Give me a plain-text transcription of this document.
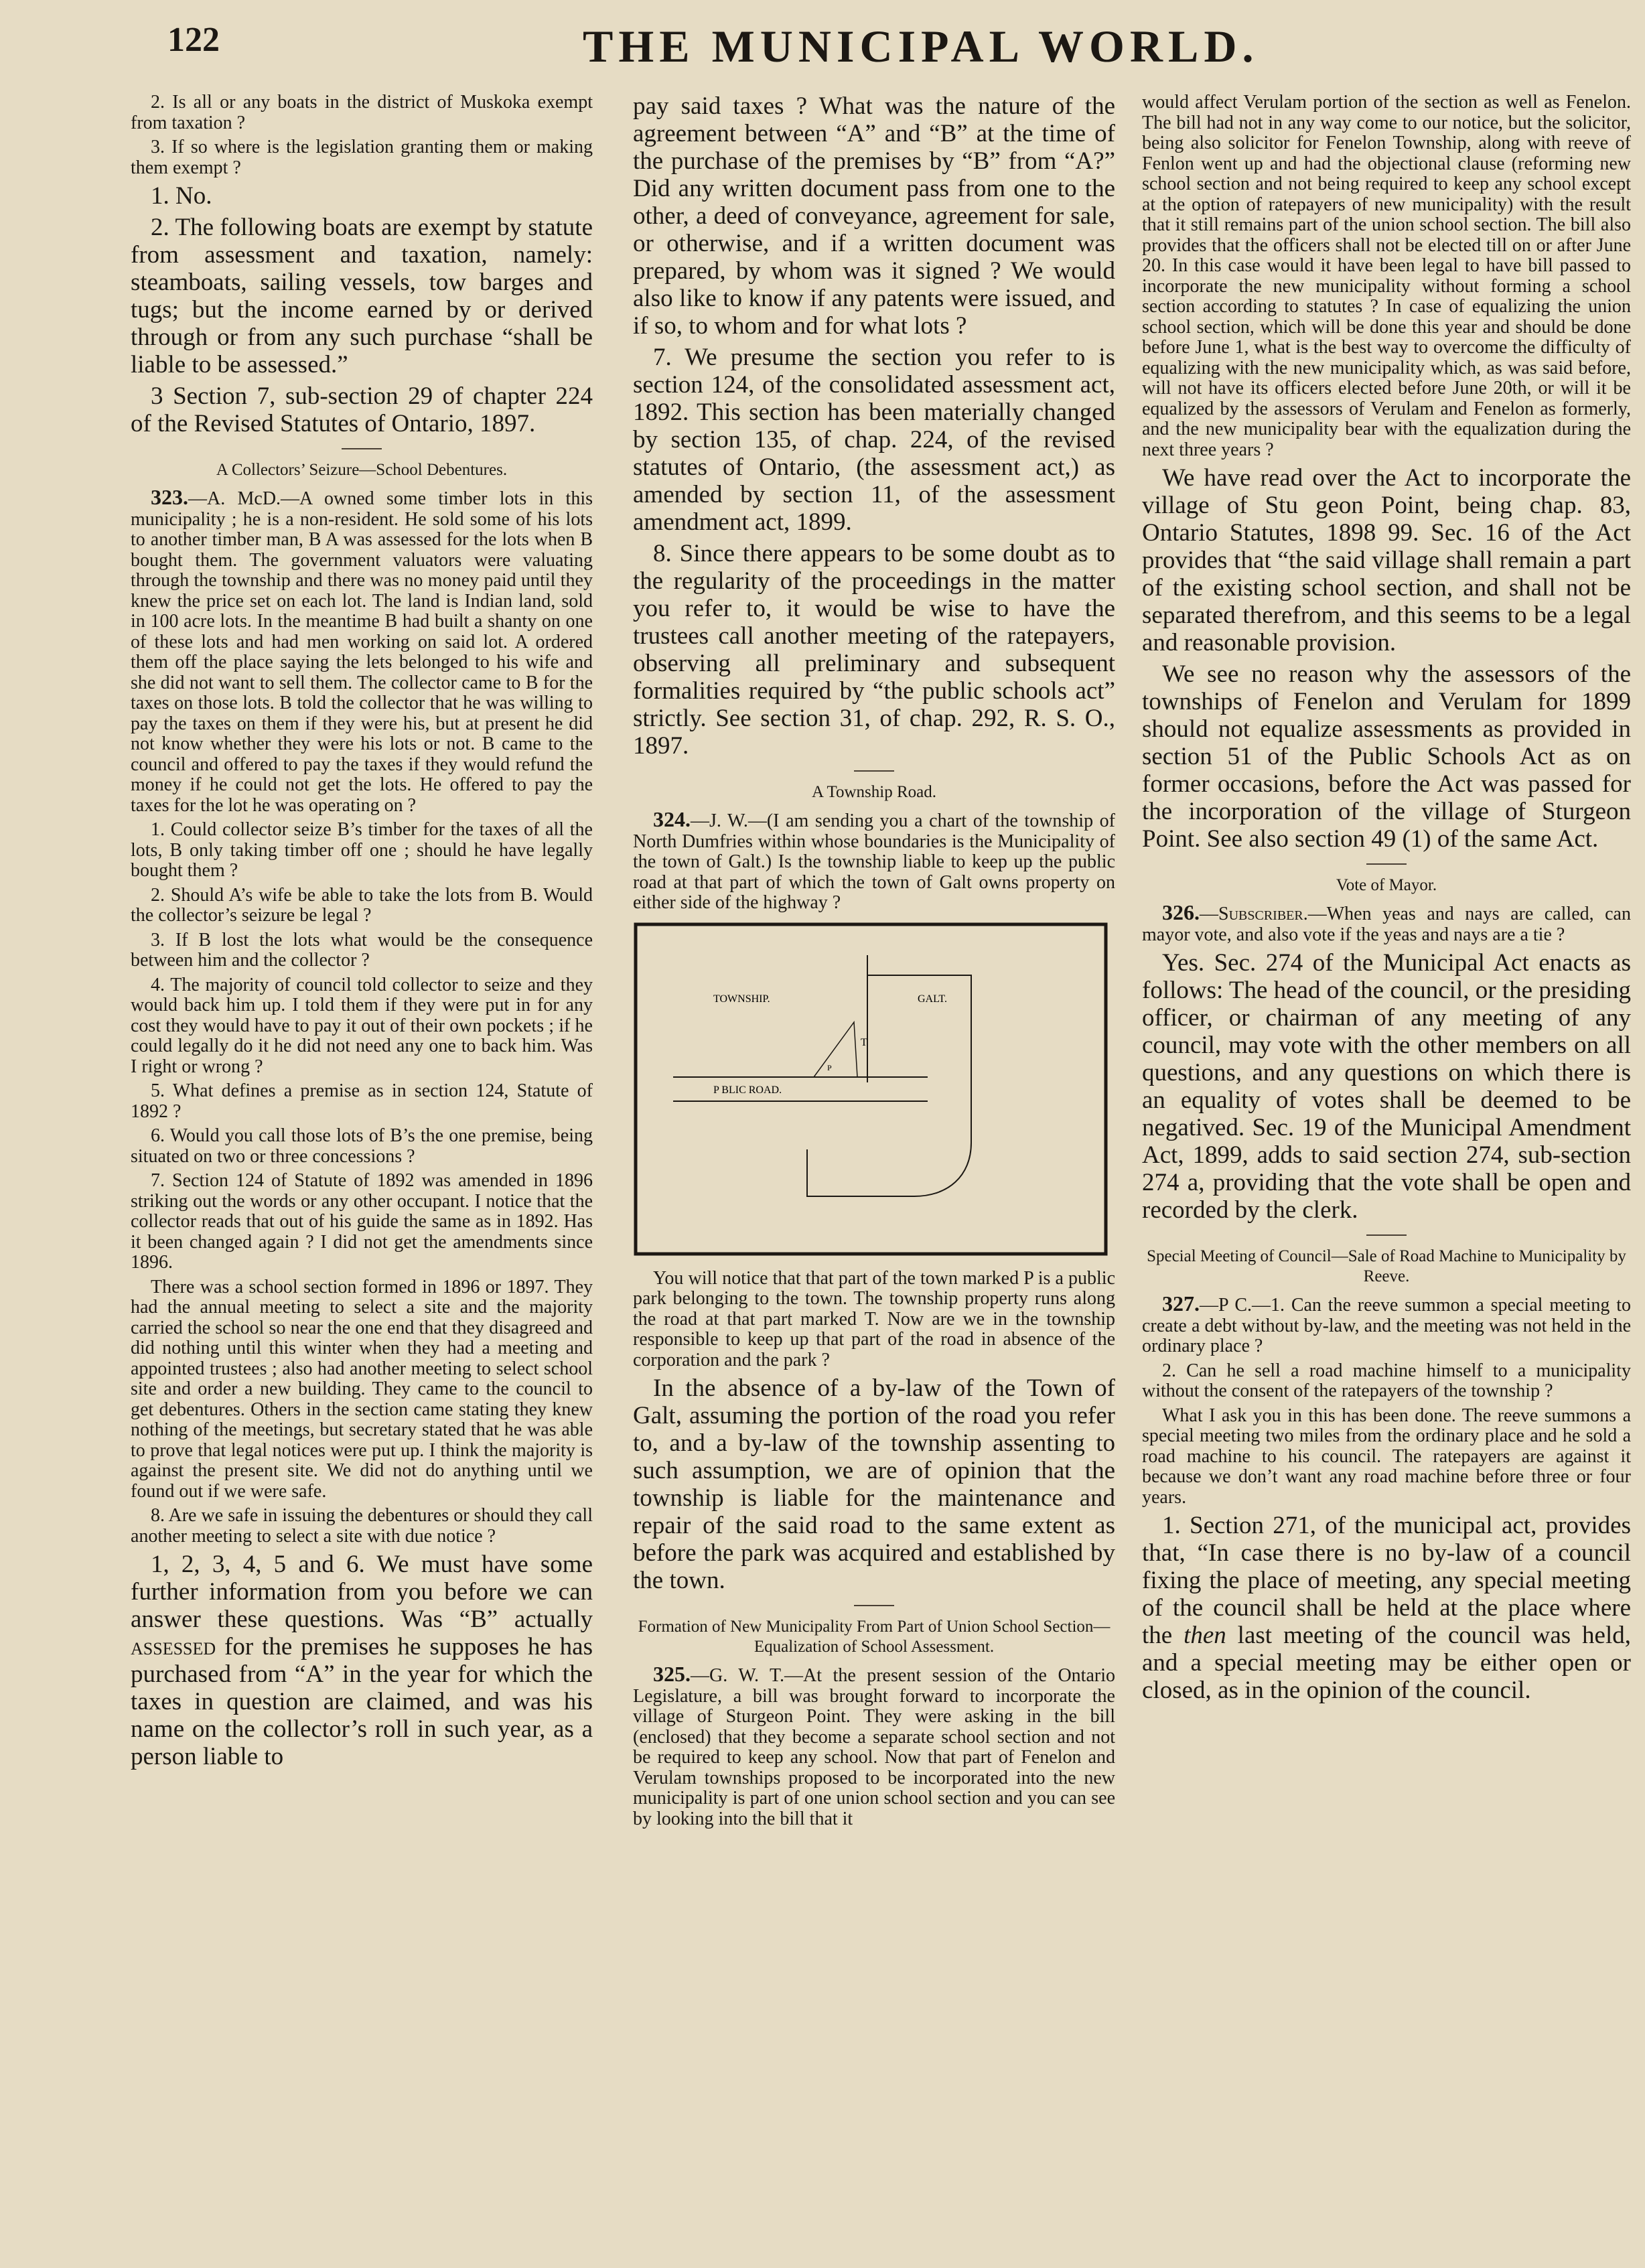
122	THE MUNICIPAL WORLD.

2. Is all or any boats in the district of Muskoka exempt from taxation ?

3. If so where is the legislation granting them or making them exempt ?

1. No.

2. The following boats are exempt by statute from assessment and taxation, namely: steamboats, sailing vessels, tow barges and tugs; but the income earned by or derived through or from any such purchase “shall be liable to be assessed.”

3 Section 7, sub-section 29 of chapter 224 of the Revised Statutes of Ontario, 1897.

A Collectors’ Seizure—School Debentures.

323.—A. McD.—A owned some timber lots in this municipality ; he is a non-resident. He sold some of his lots to another timber man, B A was assessed for the lots when B bought them. The government valuators were valuating through the township and there was no money paid until they knew the price set on each lot. The land is Indian land, sold in 100 acre lots. In the meantime B had built a shanty on one of these lots and had men working on said lot. A ordered them off the place saying the lets belonged to his wife and she did not want to sell them. The collector came to B for the taxes on those lots. B told the collector that he was willing to pay the taxes on them if they were his, but at present he did not know whether they were his lots or not. B came to the council and offered to pay the taxes if they would refund the money if he could not get the lots. He offered to pay the taxes for the lot he was operating on ?

1. Could collector seize B’s timber for the taxes of all the lots, B only taking timber off one ; should he have legally bought them ?

2. Should A’s wife be able to take the lots from B. Would the collector’s seizure be legal ?

3. If B lost the lots what would be the consequence between him and the collector ?

4. The majority of council told collector to seize and they would back him up. I told them if they were put in for any cost they would have to pay it out of their own pockets ; if he could legally do it he did not need any one to back him. Was I right or wrong ?

5. What defines a premise as in section 124, Statute of 1892 ?

6. Would you call those lots of B’s the one premise, being situated on two or three concessions ?

7. Section 124 of Statute of 1892 was amended in 1896 striking out the words or any other occupant. I notice that the collector reads that out of his guide the same as in 1892. Has it been changed again ? I did not get the amendments since 1896.

There was a school section formed in 1896 or 1897. They had the annual meeting to select a site and the majority carried the school so near the one end that they disagreed and did nothing until this winter when they had a meeting and appointed trustees ; also had another meeting to select school site and order a new building. They came to the council to get debentures. Others in the section came stating they knew nothing of the meetings, but secretary stated that he was able to prove that legal notices were put up. I think the majority is against the present site. We did not do anything until we found out if we were safe.

8. Are we safe in issuing the debentures or should they call another meeting to select a site with due notice ?

1, 2, 3, 4, 5 and 6. We must have some further information from you before we can answer these questions. Was “B” actually assessed for the premises he supposes he has purchased from “A” in the year for which the taxes in question are claimed, and was his name on the collector’s roll in such year, as a person liable to

pay said taxes ? What was the nature of the agreement between “A” and “B” at the time of the purchase of the premises by “B” from “A?” Did any written document pass from one to the other, a deed of conveyance, agreement for sale, or otherwise, and if a written document was prepared, by whom was it signed ? We would also like to know if any patents were issued, and if so, to whom and for what lots ?

7. We presume the section you refer to is section 124, of the consolidated assessment act, 1892. This section has been materially changed by section 135, of chap. 224, of the revised statutes of Ontario, (the assessment act,) as amended by section 11, of the assessment amendment act, 1899.

8. Since there appears to be some doubt as to the regularity of the proceedings in the matter you refer to, it would be wise to have the trustees call another meeting of the ratepayers, observing all preliminary and subsequent formalities required by “the public schools act” strictly. See section 31, of chap. 292, R. S. O., 1897.

A Township Road.

324.—J. W.—(I am sending you a chart of the township of North Dumfries within whose boundaries is the Municipality of the town of Galt.) Is the township liable to keep up the public road at that part of which the town of Galt owns property on either side of the highway ?

TOWNSHIP.	GALT.
T
P
P BLIC ROAD.

You will notice that that part of the town marked P is a public park belonging to the town. The township property runs along the road at that part marked T. Now are we in the township responsible to keep up that part of the road in absence of the corporation and the park ?

In the absence of a by-law of the Town of Galt, assuming the portion of the road you refer to, and a by-law of the township assenting to such assumption, we are of opinion that the township is liable for the maintenance and repair of the said road to the same extent as before the park was acquired and established by the town.

Formation of New Municipality From Part of Union School Section—Equalization of School Assessment.

325.—G. W. T.—At the present session of the Ontario Legislature, a bill was brought forward to incorporate the village of Sturgeon Point. They were asking in the bill (enclosed) that they become a separate school section and not be required to keep any school. Now that part of Fenelon and Verulam townships proposed to be incorporated into the new municipality is part of one union school section and you can see by looking into the bill that it

would affect Verulam portion of the section as well as Fenelon. The bill had not in any way come to our notice, but the solicitor, being also solicitor for Fenelon Township, along with reeve of Fenlon went up and had the objectional clause (reforming new school section and not being required to keep any school except at the option of ratepayers of new municipality) with the result that it still remains part of the union school section. The bill also provides that the officers shall not be elected till on or after June 20. In this case would it have been legal to have bill passed to incorporate the new municipality without forming a school section according to statutes ? In case of equalizing the union school section, which will be done this year and should be done before June 1, what is the best way to overcome the difficulty of equalizing with the new municipality which, as was said before, will not have its officers elected before June 20th, or will it be equalized by the assessors of Verulam and Fenelon as formerly, and the new municipality bear with the equalization during the next three years ?

We have read over the Act to incorporate the village of Stu geon Point, being chap. 83, Ontario Statutes, 1898 99. Sec. 16 of the Act provides that “the said village shall remain a part of the existing school section, and shall not be separated therefrom, and this seems to be a legal and reasonable provision.

We see no reason why the assessors of the townships of Fenelon and Verulam for 1899 should not equalize assessments as provided in section 51 of the Public Schools Act as on former occasions, before the Act was passed for the incorporation of the village of Sturgeon Point. See also section 49 (1) of the same Act.

Vote of Mayor.

326.—Subscriber.—When yeas and nays are called, can mayor vote, and also vote if the yeas and nays are a tie ?

Yes. Sec. 274 of the Municipal Act enacts as follows: The head of the council, or the presiding officer, or chairman of any meeting of any council, may vote with the other members on all questions, and any questions on which there is an equality of votes shall be deemed to be negatived. Sec. 19 of the Municipal Amendment Act, 1899, adds to said section 274, sub-section 274 a, providing that the vote shall be open and recorded by the clerk.

Special Meeting of Council—Sale of Road Machine to Municipality by Reeve.

327.—P C.—1. Can the reeve summon a special meeting to create a debt without by-law, and the meeting was not held in the ordinary place ?

2. Can he sell a road machine himself to a municipality without the consent of the ratepayers of the township ?

What I ask you in this has been done. The reeve summons a special meeting two miles from the ordinary place and he sold a road machine to his council. The ratepayers are against it because we don’t want any road machine before three or four years.

1. Section 271, of the municipal act, provides that, “In case there is no by-law of a council fixing the place of meeting, any special meeting of the council shall be held at the place where the then last meeting of the council was held, and a special meeting may be either open or closed, as in the opinion of the council.
